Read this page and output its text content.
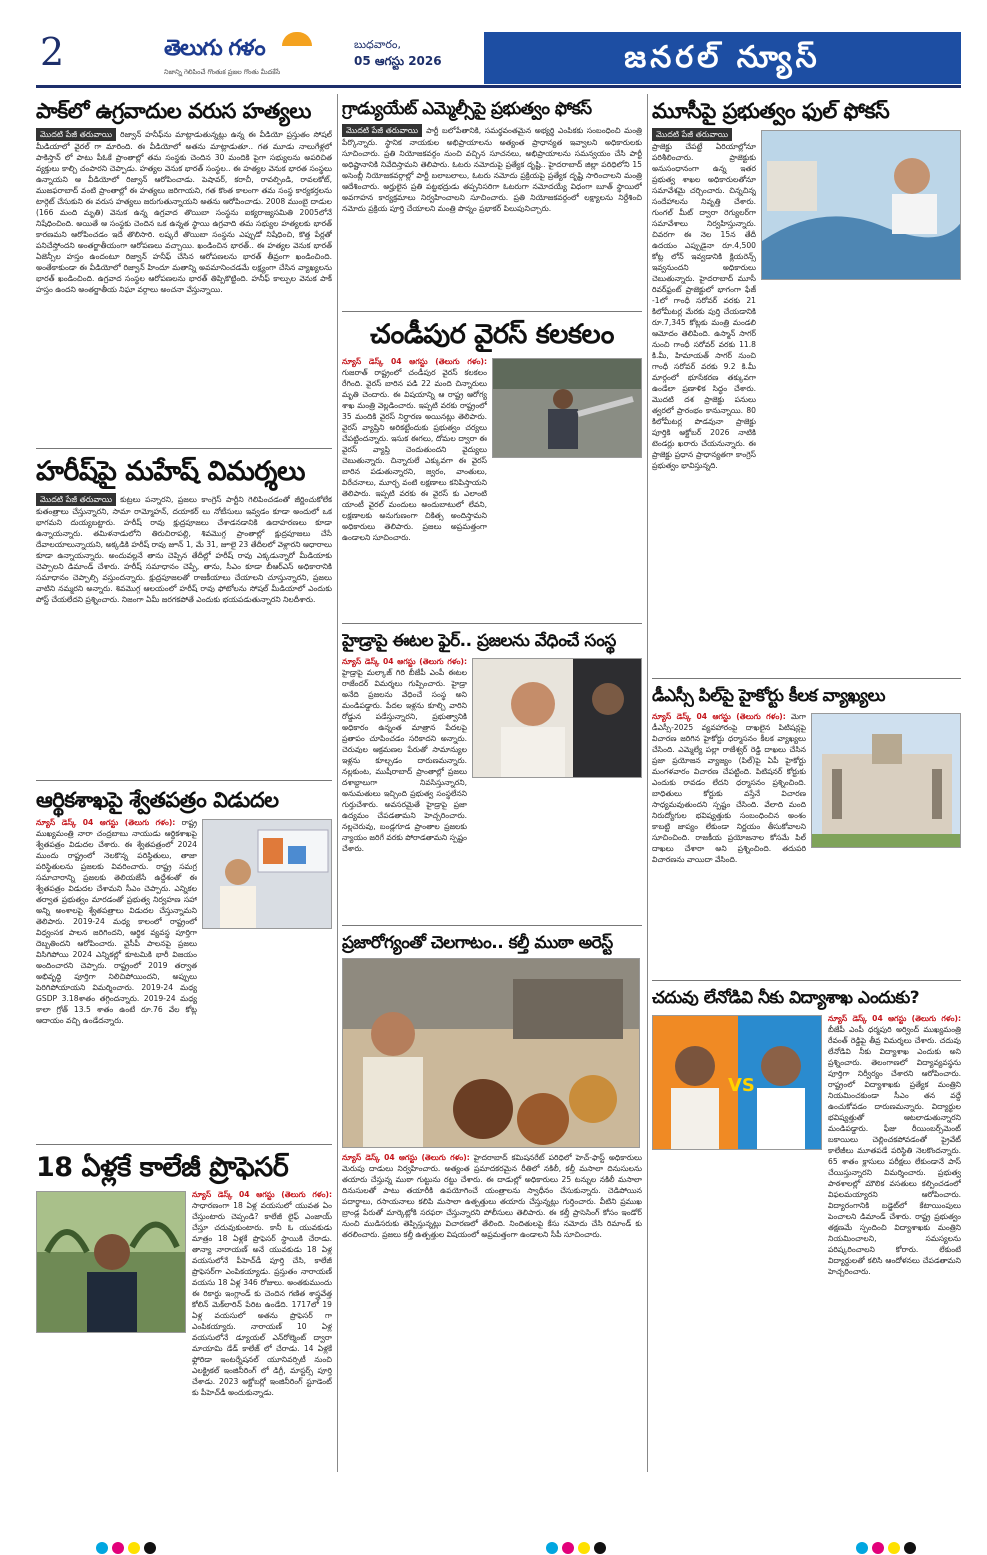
2	తెలుగు గళం
నిజాన్ని గెలిపించే గొంతుక ప్రజల గొంతు మీదకేసే
బుధవారం,
05 ఆగస్టు 2026	జనరల్ న్యూస్
పాక్‌లో ఉగ్రవాదుల వరుస హత్యలు

మొదటి పేజీ తరువాయి రిజ్వాన్ హనీఫ్‌ను మాట్లాడుతున్నట్లు ఉన్న ఈ వీడియో ప్రస్తుతం సోషల్ మీడియాలో వైరల్ గా మారింది. ఈ వీడియోలో అతను మాట్లాడుతూ.. గత మూడు నాలుగేళ్లలో పాకిస్తాన్ లో పాటు పీఓకే ప్రాంతాల్లో తమ సంస్థకు చెందిన 30 మందికి పైగా సభ్యులను అపరిచిత వ్యక్తులు కాల్చి చంపారని చెప్పాడు. హత్యల వెనుక భారత్ సంస్థల.. ఈ హత్యల వెనుక భారత సంస్థలు ఉన్నాయని ఆ వీడియోలో రిజ్వాన్ ఆరోపించాడు. పెషావర్, కరాచీ, రావల్పిండి, రావలకోట్, ముజఫరాబాద్ వంటి ప్రాంతాల్లో ఈ హత్యలు జరిగాయని, గత కొంత కాలంగా తమ సంస్థ కార్యకర్తలను టార్గెట్ చేసుకుని ఈ వరుస హత్యలు జరుగుతున్నాయని అతను ఆరోపించాడు. 2008 ముంబై దాడుల (166 మంది మృతి) వెనుక ఉన్న ఉగ్రవాద తొయిబా సంస్థను ఐక్యరాజ్యసమితి 2005లోనే నిషేధించింది. అయితే ఆ సంస్థకు చెందిన ఒక ఉన్నత స్థాయి ఉగ్రవాది తమ సభ్యుల హత్యలకు భారత్ కారణమని ఆరోపించడం ఇదే తొలిసారి. లష్కరే తొయిబా సంస్థను ఎప్పుడో నిషేధించి, కొత్త పేర్లతో పనిచేస్తోందని అంతర్జాతీయంగా ఆరోపణలు వచ్చాయి. ఖండించిన భారత్.. ఈ హత్యల వెనుక భారత్ ఏజెన్సీల హస్తం ఉందంటూ రిజ్వాన్ హనీఫ్ చేసిన ఆరోపణలను భారత్ తీవ్రంగా ఖండించింది. అంతేకాకుండా ఈ వీడియోలో రిజ్వాన్ హిందూ మతాన్ని అవమానించడమే లక్ష్యంగా చేసిన వ్యాఖ్యలను భారత్ ఖండించింది. ఉగ్రవాద సంస్థల ఆరోపణలను భారత్ తిప్పికొట్టింది. హనీఫ్ కాల్పుల వెనుక పాక్ హస్తం ఉందని అంతర్జాతీయ నిఘా వర్గాలు అంచనా వేస్తున్నాయి.

హరీష్‌పై మహేష్ విమర్శలు

మొదటి పేజీ తరువాయి కుట్రలు పన్నారని, ప్రజలు కాంగ్రెస్ పార్టీని గెలిపించడంతో జీర్ణించుకోలేక కుతంత్రాలు చేస్తున్నారని, సామా రామ్మోహన్, దయాకర్ లు నోటీసులు ఇవ్వడం కూడా అందులో ఒక భాగమని దుయ్యబట్టారు. హరీష్ రావు క్షుద్రపూజలు చేశాడనడానికి ఉదాహరణలు కూడా ఉన్నాయన్నారు. తమిళనాడులోని తిరుచిరాపల్లి, శివమొగ్గ ప్రాంతాల్లో క్షుద్రపూజలు చేసే దేవాలయాలున్నాయని, అక్కడికి హరీష్ రావు జూన్ 1, మే 31, జూలై 23 తేదీలలో వెళ్లారని ఆధారాలు కూడా ఉన్నాయన్నారు. అందువల్లనే తాను చెప్పిన తేదీల్లో హరీష్ రావు ఎక్కడున్నారో మీడియాకు చెప్పాలని డిమాండ్ చేశారు. హరీష్ సమాధానం చెప్పే, తాను, సీఎం కూడా బీఆర్ఎస్ అధికారానికి సమాధానం చెప్పాల్సి వస్తుందన్నారు. క్షుద్రపూజలతో రాజకీయాలు చేయాలని చూస్తున్నారని, ప్రజలు వాటిని నమ్మరని అన్నారు. శివమొగ్గ ఆలయంలో హరీష్ రావు ఫోటోలను సోషల్ మీడియాలో ఎందుకు పోస్ట్ చేయలేదని ప్రశ్నించారు. నిజంగా ఏమీ జరగకపోతే ఎందుకు భయపడుతున్నారని నిలదీశారు.

ఆర్థికశాఖపై శ్వేతపత్రం విడుదల

న్యూస్ డెస్క్ 04 ఆగస్టు (తెలుగు గళం): రాష్ట్ర ముఖ్యమంత్రి నారా చంద్రబాబు నాయుడు ఆర్థికశాఖపై శ్వేతపత్రం విడుదల చేశారు. ఈ శ్వేతపత్రంలో 2024 ముందు రాష్ట్రంలో నెలకొన్న పరిస్థితులు, తాజా పరిస్థితులను ప్రజలకు వివరించారు. రాష్ట్ర సమగ్ర సమాచారాన్ని ప్రజలకు తెలియజేసే ఉద్దేశంతో ఈ శ్వేతపత్రం విడుదల చేశామని సీఎం చెప్పారు. ఎన్నికల తర్వాత ప్రభుత్వం మారడంతో ప్రభుత్వ నిర్వహణ సహా అన్ని అంశాలపై శ్వేతపత్రాలు విడుదల చేస్తున్నామని తెలిపారు. 2019-24 మధ్య కాలంలో రాష్ట్రంలో విధ్వంసక పాలన జరిగిందని, ఆర్థిక వ్యవస్థ పూర్తిగా దెబ్బతిందని ఆరోపించారు. వైసీపీ పాలనపై ప్రజలు విసిగిపోయి 2024 ఎన్నికల్లో కూటమికి భారీ విజయం అందించారని చెప్పారు. రాష్ట్రంలో 2019 తర్వాత అభివృద్ధి పూర్తిగా నిలిచిపోయిందని, అప్పులు పెరిగిపోయాయని విమర్శించారు. 2019-24 మధ్య GSDP 3.18శాతం తగ్గిందన్నారు. 2019-24 మధ్య కాలా గ్రోత్ 13.5 శాతం ఉంటే రూ.76 వేల కోట్ల ఆదాయం వచ్చి ఉండేదన్నారు.

18 ఏళ్లకే కాలేజీ ప్రొఫెసర్

న్యూస్ డెస్క్ 04 ఆగస్టు (తెలుగు గళం): సాధారణంగా 18 ఏళ్ల వయసులో యువత ఏం చేస్తుంటారు చెప్పండి? కాలేజీ లైఫ్ ఎంజాయ్ చేస్తూ చదువుకుంటారు. కానీ ఓ యువకుడు మాత్రం 18 ఏళ్లకే ప్రొఫెసర్ స్థాయికి చేరాడు. తాన్యా నారాయణ్ అనే యువకుడు 18 ఏళ్ల వయసులోనే పీహెచ్‌డీ పూర్తి చేసి, కాలేజీ ప్రొఫెసర్‌గా ఎంపికయ్యాడు. ప్రస్తుతం నారాయణ్ వయసు 18 ఏళ్ల 346 రోజులు. అంతకుముందు ఈ రికార్డు ఇంగ్లాండ్ కు చెందిన గణిత శాస్త్రవేత్త కోలిన్ మెక్‌లారిన్ పేరిట ఉండేది. 1717లో 19 ఏళ్ల వయసులో అతను ప్రొఫెసర్ గా ఎంపికయ్యారు. నారాయణ్ 10 ఏళ్ల వయసులోనే డ్యూయల్ ఎన్‌రోల్మెంట్ ద్వారా మాయామి డేడ్ కాలేజ్ లో చేరాడు. 14 ఏళ్లకే ఫ్లోరిడా ఇంటర్నేషనల్ యూనివర్సిటీ నుంచి ఎలక్ట్రికల్ ఇంజినీరింగ్ లో డిగ్రీ, మాస్టర్స్ పూర్తి చేశాడు. 2023 అక్టోబర్లో ఇంజినీరింగ్ స్టూడెంట్ కు పీహెచ్‌డీ అందుకున్నాడు.

గ్రాడ్యుయేట్ ఎమ్మెల్సీపై ప్రభుత్వం ఫోకస్

మొదటి పేజీ తరువాయి పార్టీ బలోపేతానికి, సమర్థవంతమైన అభ్యర్థి ఎంపికకు సంబంధించి మంత్రి పేర్కొన్నారు. స్థానిక నాయకుల అభిప్రాయాలను అత్యంత ప్రాధాన్యత ఇవ్వాలని అధికారులకు సూచించారు. ప్రతి నియోజకవర్గం నుంచి వచ్చిన సూచనలు, అభిప్రాయాలను సమన్వయం చేసి పార్టీ అధిష్టానానికి నివేదిస్తామని తెలిపారు. ఓటరు నమోదుపై ప్రత్యేక దృష్టి.. హైదరాబాద్ జిల్లా పరిధిలోని 15 అసెంబ్లీ నియోజకవర్గాల్లో పార్టీ బలాబలాలు, ఓటరు నమోదు ప్రక్రియపై ప్రత్యేక దృష్టి సారించాలని మంత్రి ఆదేశించారు. అర్హులైన ప్రతి పట్టభద్రుడు తప్పనిసరిగా ఓటరుగా నమోదయ్యే విధంగా బూత్ స్థాయిలో అవగాహన కార్యక్రమాలు నిర్వహించాలని సూచించారు. ప్రతి నియోజకవర్గంలో లక్ష్యాలను నిర్దేశించి నమోదు ప్రక్రియ పూర్తి చేయాలని మంత్రి పొన్నం ప్రభాకర్ పిలుపునిచ్చారు.

చండీపుర వైరస్ కలకలం

న్యూస్ డెస్క్ 04 ఆగస్టు (తెలుగు గళం): గుజరాత్ రాష్ట్రంలో చండీపుర వైరస్ కలకలం రేగింది. వైరస్ బారిన పడి 22 మంది చిన్నారులు మృతి చెందారు. ఈ విషయాన్ని ఆ రాష్ట్ర ఆరోగ్య శాఖ మంత్రి వెల్లడించారు. ఇప్పటి వరకు రాష్ట్రంలో 35 మందికి వైరస్ నిర్ధారణ అయినట్లు తెలిపారు. వైరస్ వ్యాప్తిని అరికట్టేందుకు ప్రభుత్వం చర్యలు చేపట్టిందన్నారు. ఇసుక ఈగలు, దోమల ద్వారా ఈ వైరస్ వ్యాప్తి చెందుతుందని వైద్యులు చెబుతున్నారు. చిన్నారులే ఎక్కువగా ఈ వైరస్ బారిన పడుతున్నారని, జ్వరం, వాంతులు, విరేచనాలు, మూర్ఛ వంటి లక్షణాలు కనిపిస్తాయని తెలిపారు. ఇప్పటి వరకు ఈ వైరస్ కు ఎలాంటి యాంటీ వైరల్ మందులు అందుబాటులో లేవని, లక్షణాలకు అనుగుణంగా చికిత్స అందిస్తామని అధికారులు తెలిపారు. ప్రజలు అప్రమత్తంగా ఉండాలని సూచించారు.

హైడ్రాపై ఈటల ఫైర్.. ప్రజలను వేధించే సంస్థ

న్యూస్ డెస్క్ 04 ఆగస్టు (తెలుగు గళం): హైడ్రాపై మల్కాజ్ గిరి బీజేపీ ఎంపీ ఈటల రాజేందర్ విమర్శలు గుప్పించారు. హైడ్రా అనేది ప్రజలను వేధించే సంస్థ అని మండిపడ్డారు. పేదల ఇళ్లను కూల్చి వారిని రోడ్డున పడేస్తున్నారని, ప్రభుత్వానికి అధికారం ఉన్నంత మాత్రాన పేదలపై ప్రతాపం చూపించడం సరికాదని అన్నారు. చెరువుల ఆక్రమణల పేరుతో సామాన్యుల ఇళ్లను కూల్చడం దారుణమన్నారు. నల్లకుంట, ముషీరాబాద్ ప్రాంతాల్లో ప్రజలు దశాబ్దాలుగా నివసిస్తున్నారని, అనుమతులు ఇచ్చింది ప్రభుత్వ సంస్థలేనని గుర్తుచేశారు. అవసరమైతే హైడ్రాపై ప్రజా ఉద్యమం చేపడతామని హెచ్చరించారు. నల్లచెరువు, బండ్లగూడ ప్రాంతాల ప్రజలకు న్యాయం జరిగే వరకు పోరాడతామని స్పష్టం చేశారు.

ప్రజారోగ్యంతో చెలగాటం.. కల్తీ ముఠా అరెస్ట్

న్యూస్ డెస్క్ 04 ఆగస్టు (తెలుగు గళం): హైదరాబాద్ కమిషనరేట్ పరిధిలో హెచ్-ఫాస్ట్ అధికారులు మెరుపు దాడులు నిర్వహించారు. అత్యంత ప్రమాదకరమైన రీతిలో నకిలీ, కల్తీ మసాలా దినుసులను తయారు చేస్తున్న ముఠా గుట్టును రట్టు చేశారు. ఈ దాడుల్లో అధికారులు 25 టన్నుల నకిలీ మసాలా దినుసులతో పాటు తయారీకి ఉపయోగించే యంత్రాలను స్వాధీనం చేసుకున్నారు. చెడిపోయిన పదార్థాలు, రసాయనాలు కలిపి మసాలా ఉత్పత్తులు తయారు చేస్తున్నట్లు గుర్తించారు. వీటిని ప్రముఖ బ్రాండ్ల పేరుతో మార్కెట్లోకి సరఫరా చేస్తున్నారని పోలీసులు తెలిపారు. ఈ కల్తీ ప్రాసెసింగ్ కోసం ఇండోర్ నుంచి ముడిసరుకు తెప్పిస్తున్నట్లు విచారణలో తేలింది. నిందితులపై కేసు నమోదు చేసి రిమాండ్ కు తరలించారు. ప్రజలు కల్తీ ఉత్పత్తుల విషయంలో అప్రమత్తంగా ఉండాలని సీపీ సూచించారు.

మూసీపై ప్రభుత్వం ఫుల్ ఫోకస్

మొదటి పేజీ తరువాయిప్రాజెక్టు చేపట్టే ఏరియాల్లోనూ పరిశీలించారు. ప్రాజెక్టుకు అనుసంధానంగా ఉన్న ఇతర ప్రభుత్వ శాఖల అధికారులతోనూ సమావేశమై చర్చించారు. చిన్నచిన్న సందేహాలను నివృత్తి చేశారు. గుంగల్ మీట్ ద్వారా రెగ్యులర్‌గా సమావేశాలు నిర్వహిస్తున్నారు. చివరగా ఈ నెల 15న తేదీ ఉదయం ఎప్పుడైనా రూ.4,500 కోట్ల లోన్ ఇవ్వడానికి క్లియరెన్స్ ఇవ్వనుందని అధికారులు చెబుతున్నారు. హైదరాబాద్ మూసీ రివర్‌ఫ్రంట్ ప్రాజెక్టులో భాగంగా ఫేజ్ -1లో గాంధీ సరోవర్ వరకు 21 కిలోమీటర్ల మేరకు పుర్తి చేయడానికి రూ.7,345 కోట్లకు మంత్రి మండలి ఆమోదం తెలిపింది. ఉస్మాన్ సాగర్ నుంచి గాంధీ సరోవర్ వరకు 11.8 కి.మీ, హిమాయత్ సాగర్ నుంచి గాంధీ సరోవర్ వరకు 9.2 కి.మీ మార్గంలో భూసేకరణ తక్కువగా ఉండేలా ప్రణాళిక సిద్ధం చేశారు. మొదటి దశ ప్రాజెక్టు పనులు త్వరలో ప్రారంభం కానున్నాయి. 80 కిలోమీటర్ల పొడవునా ప్రాజెక్టు పూర్తికి అక్టోబర్ 2026 నాటికి టెండర్లు ఖరారు చేయనున్నారు. ఈ ప్రాజెక్టు ప్రధాన ప్రాధాన్యతగా కాంగ్రెస్ ప్రభుత్వం భావిస్తున్నది.

డీఎస్సీ పిల్‌పై హైకోర్టు కీలక వ్యాఖ్యలు

న్యూస్ డెస్క్ 04 ఆగస్టు (తెలుగు గళం): మెగా డీఎస్సీ-2025 వ్యవహారంపై దాఖలైన పిటిషన్లపై విచారణ జరిగిన హైకోర్టు ధర్మాసనం కీలక వ్యాఖ్యలు చేసింది. ఎమ్మెల్యే పల్లా రాజేశ్వర్ రెడ్డి దాఖలు చేసిన ప్రజా ప్రయోజన వ్యాజ్యం (పిల్)పై ఏపీ హైకోర్టు మంగళవారం విచారణ చేపట్టింది. పిటిషనర్ కోర్టుకు ఎందుకు రావడం లేదని ధర్మాసనం ప్రశ్నించింది. బాధితులు కోర్టుకు వస్తేనే విచారణ సాధ్యమవుతుందని స్పష్టం చేసింది. వేలాది మంది నిరుద్యోగుల భవిష్యత్తుకు సంబంధించిన అంశం కాబట్టి జాప్యం లేకుండా నిర్ణయం తీసుకోవాలని సూచించింది. రాజకీయ ప్రయోజనాల కోసమే పిల్ దాఖలు చేశారా అని ప్రశ్నించింది. తదుపరి విచారణను వాయిదా వేసింది.

చదువు లేనోడివి నీకు విద్యాశాఖ ఎందుకు?
VS

న్యూస్ డెస్క్ 04 ఆగస్టు (తెలుగు గళం): బీజేపీ ఎంపీ ధర్మపురి అర్వింద్ ముఖ్యమంత్రి రేవంత్ రెడ్డిపై తీవ్ర విమర్శలు చేశారు. చదువు లేనోడివి నీకు విద్యాశాఖ ఎందుకు అని ప్రశ్నించారు. తెలంగాణలో విద్యావ్యవస్థను పూర్తిగా నిర్వీర్యం చేశారని ఆరోపించారు. రాష్ట్రంలో విద్యాశాఖకు ప్రత్యేక మంత్రిని నియమించకుండా సీఎం తన వద్దే ఉంచుకోవడం దారుణమన్నారు. విద్యార్థుల భవిష్యత్తుతో ఆటలాడుతున్నారని మండిపడ్డారు. ఫీజు రీయింబర్స్‌మెంట్ బకాయిలు చెల్లించకపోవడంతో ప్రైవేట్ కాలేజీలు మూతపడే పరిస్థితి నెలకొందన్నారు. 65 శాతం క్లాసులు పరీక్షలు లేకుండానే పాస్ చేయిస్తున్నారని విమర్శించారు. ప్రభుత్వ పాఠశాలల్లో మౌలిక వసతులు కల్పించడంలో విఫలమయ్యారని ఆరోపించారు. విద్యారంగానికి బడ్జెట్‌లో కేటాయింపులు పెంచాలని డిమాండ్ చేశారు. రాష్ట్ర ప్రభుత్వం తక్షణమే స్పందించి విద్యాశాఖకు మంత్రిని నియమించాలని, సమస్యలను పరిష్కరించాలని కోరారు. లేకుంటే విద్యార్థులతో కలిసి ఆందోళనలు చేపడతామని హెచ్చరించారు.
